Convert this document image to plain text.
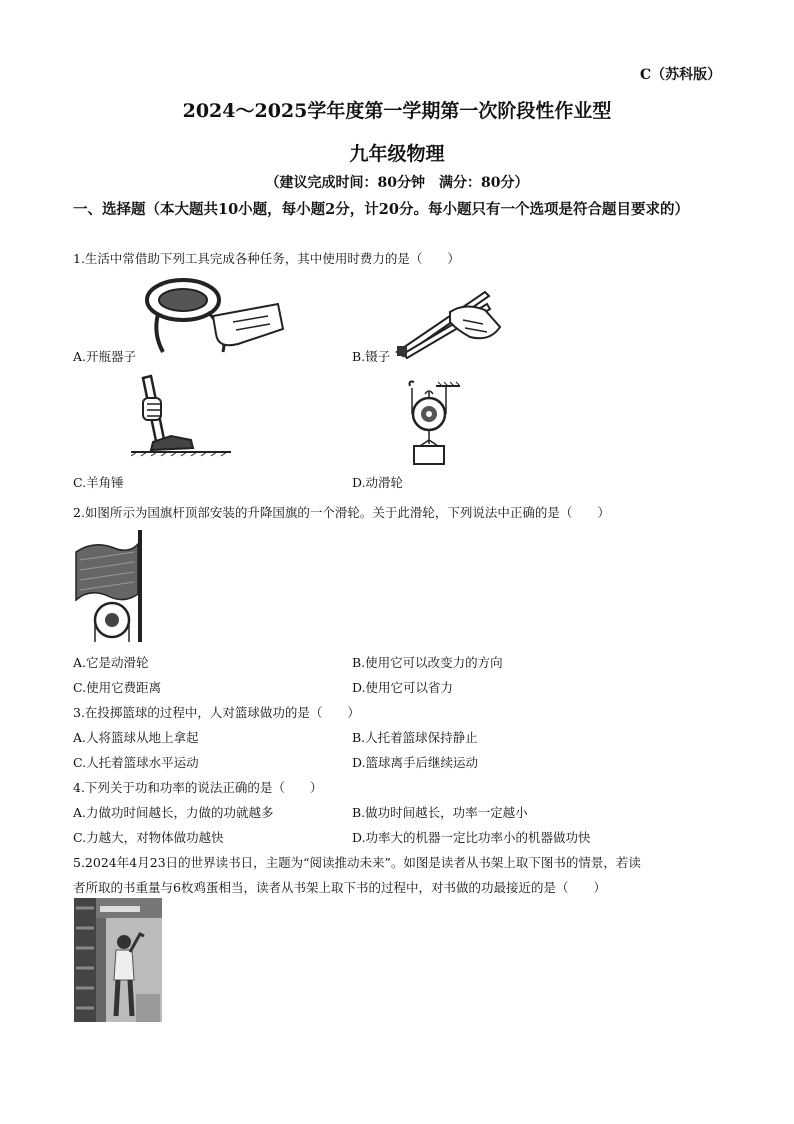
C（苏科版）
2024～2025学年度第一学期第一次阶段性作业型
九年级物理
（建议完成时间：80分钟　满分：80分）
一、选择题（本大题共10小题，每小题2分，计20分。每小题只有一个选项是符合题目要求的）
1.生活中常借助下列工具完成各种任务，其中使用时费力的是（　　）
A.开瓶器子	B.镊子
C.羊角锤	D.动滑轮
2.如图所示为国旗杆顶部安装的升降国旗的一个滑轮。关于此滑轮，下列说法中正确的是（　　）
A.它是动滑轮	B.使用它可以改变力的方向
C.使用它费距离	D.使用它可以省力
3.在投掷篮球的过程中，人对篮球做功的是（　　）
A.人将篮球从地上拿起	B.人托着篮球保持静止
C.人托着篮球水平运动	D.篮球离手后继续运动
4.下列关于功和功率的说法正确的是（　　）
A.力做功时间越长，力做的功就越多	B.做功时间越长，功率一定越小
C.力越大，对物体做功越快	D.功率大的机器一定比功率小的机器做功快
5.2024年4月23日的世界读书日，主题为“阅读推动未来”。如图是读者从书架上取下图书的情景，若读
者所取的书重量与6枚鸡蛋相当，读者从书架上取下书的过程中，对书做的功最接近的是（　　）
